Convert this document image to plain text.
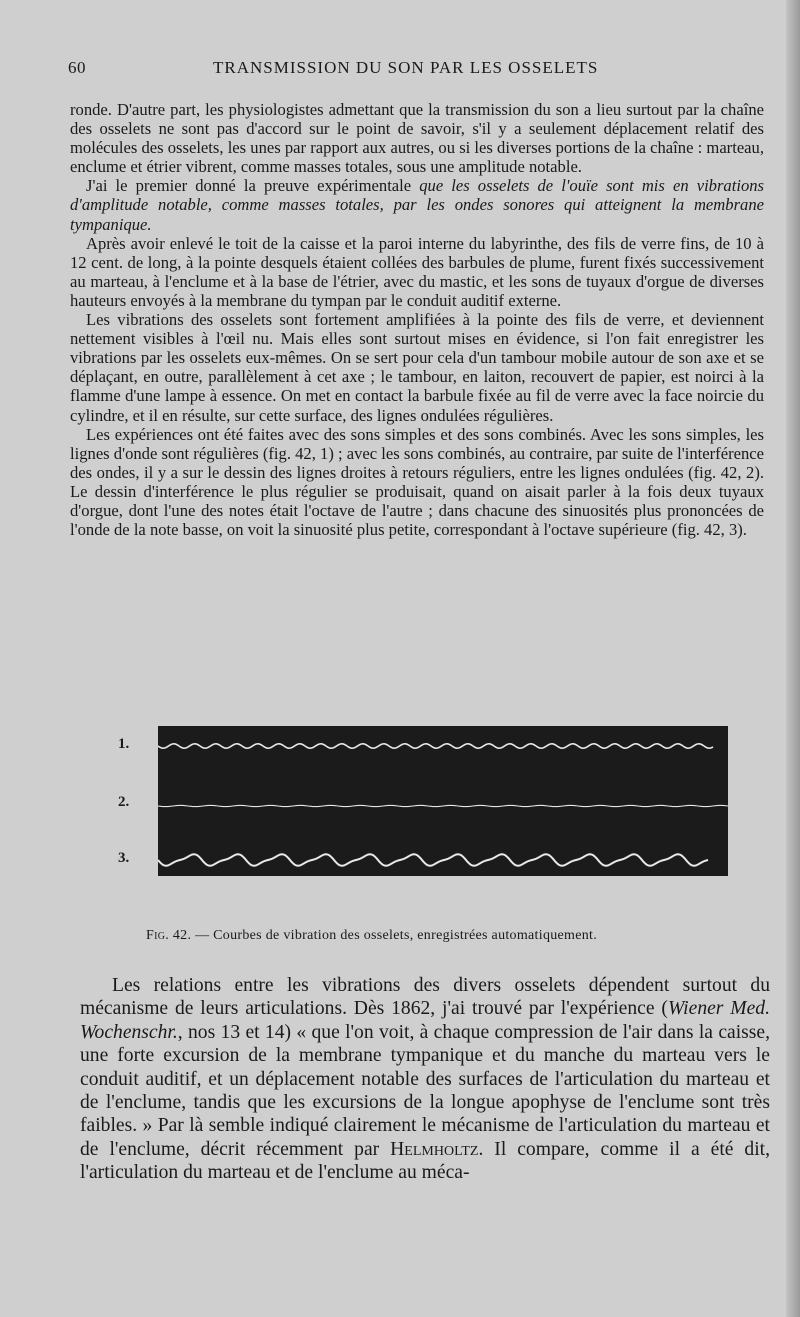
60	TRANSMISSION DU SON PAR LES OSSELETS

ronde. D'autre part, les physiologistes admettant que la transmission du son a lieu surtout par la chaîne des osselets ne sont pas d'accord sur le point de savoir, s'il y a seulement déplacement relatif des molécules des osselets, les unes par rapport aux autres, ou si les diverses portions de la chaîne : marteau, enclume et étrier vibrent, comme masses totales, sous une amplitude notable.

J'ai le premier donné la preuve expérimentale que les osselets de l'ouïe sont mis en vibrations d'amplitude notable, comme masses totales, par les ondes sonores qui atteignent la membrane tympanique.

Après avoir enlevé le toit de la caisse et la paroi interne du labyrinthe, des fils de verre fins, de 10 à 12 cent. de long, à la pointe desquels étaient collées des barbules de plume, furent fixés successivement au marteau, à l'enclume et à la base de l'étrier, avec du mastic, et les sons de tuyaux d'orgue de diverses hauteurs envoyés à la membrane du tympan par le conduit auditif externe.

Les vibrations des osselets sont fortement amplifiées à la pointe des fils de verre, et deviennent nettement visibles à l'œil nu. Mais elles sont surtout mises en évidence, si l'on fait enregistrer les vibrations par les osselets eux-mêmes. On se sert pour cela d'un tambour mobile autour de son axe et se déplaçant, en outre, parallèlement à cet axe ; le tambour, en laiton, recouvert de papier, est noirci à la flamme d'une lampe à essence. On met en contact la barbule fixée au fil de verre avec la face noircie du cylindre, et il en résulte, sur cette surface, des lignes ondulées régulières.

Les expériences ont été faites avec des sons simples et des sons combinés. Avec les sons simples, les lignes d'onde sont régulières (fig. 42, 1) ; avec les sons combinés, au contraire, par suite de l'interférence des ondes, il y a sur le dessin des lignes droites à retours réguliers, entre les lignes ondulées (fig. 42, 2). Le dessin d'interférence le plus régulier se produisait, quand on aisait parler à la fois deux tuyaux d'orgue, dont l'une des notes était l'octave de l'autre ; dans chacune des sinuosités plus prononcées de l'onde de la note basse, on voit la sinuosité plus petite, correspondant à l'octave supérieure (fig. 42, 3).

1.
2.
3.
Fig. 42. — Courbes de vibration des osselets, enregistrées automatiquement.

Les relations entre les vibrations des divers osselets dépendent surtout du mécanisme de leurs articulations. Dès 1862, j'ai trouvé par l'expérience (Wiener Med. Wochenschr., nos 13 et 14) « que l'on voit, à chaque compression de l'air dans la caisse, une forte excursion de la membrane tympanique et du manche du marteau vers le conduit auditif, et un déplacement notable des surfaces de l'articulation du marteau et de l'enclume, tandis que les excursions de la longue apophyse de l'enclume sont très faibles. » Par là semble indiqué clairement le mécanisme de l'articulation du marteau et de l'enclume, décrit récemment par Helmholtz. Il compare, comme il a été dit, l'articulation du marteau et de l'enclume au méca-
